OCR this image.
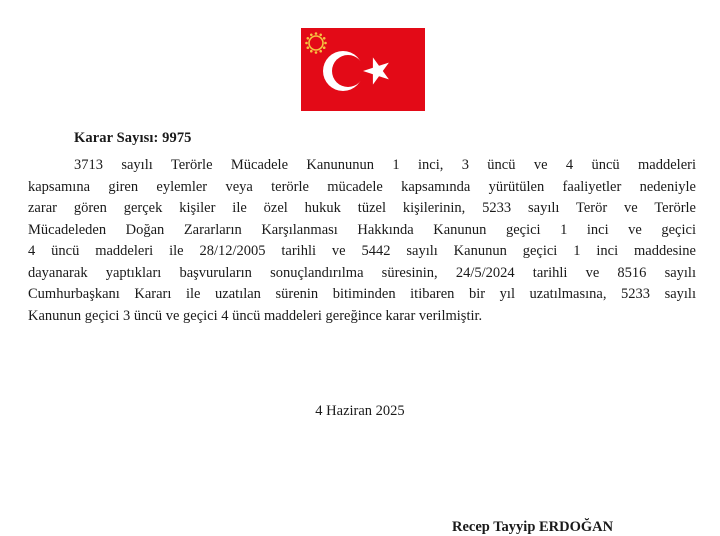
Karar Sayısı: 9975
3713 sayılı Terörle Mücadele Kanununun 1 inci, 3 üncü ve 4 üncü maddeleri
kapsamına giren eylemler veya terörle mücadele kapsamında yürütülen faaliyetler nedeniyle
zarar gören gerçek kişiler ile özel hukuk tüzel kişilerinin, 5233 sayılı Terör ve Terörle
Mücadeleden Doğan Zararların Karşılanması Hakkında Kanunun geçici 1 inci ve geçici
4 üncü maddeleri ile 28/12/2005 tarihli ve 5442 sayılı Kanunun geçici 1 inci maddesine
dayanarak yaptıkları başvuruların sonuçlandırılma süresinin, 24/5/2024 tarihli ve 8516 sayılı
Cumhurbaşkanı Kararı ile uzatılan sürenin bitiminden itibaren bir yıl uzatılmasına, 5233 sayılı
Kanunun geçici 3 üncü ve geçici 4 üncü maddeleri gereğince karar verilmiştir.
4 Haziran 2025
Recep Tayyip ERDOĞAN
